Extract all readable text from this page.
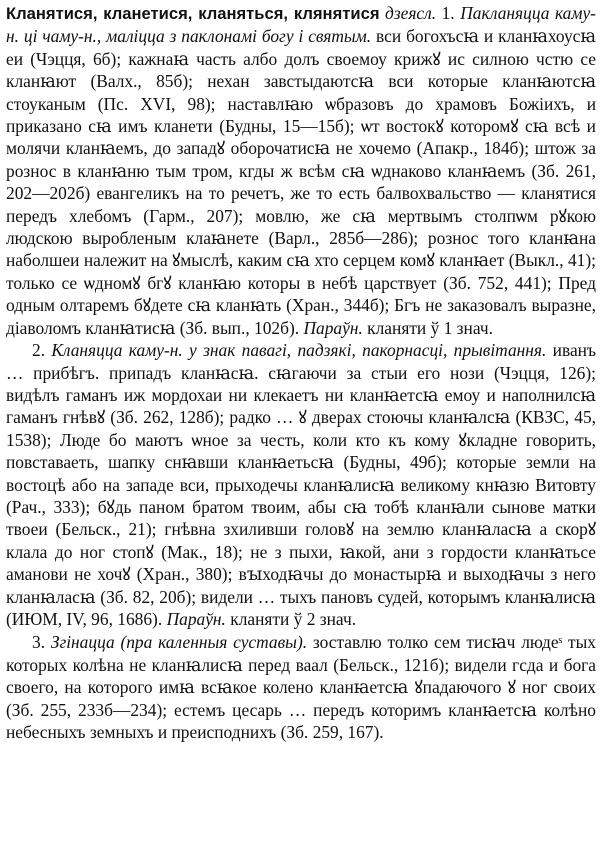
Кланятися, кланетися, кланяться, клянятися дзеясл. 1. Пакланяцца каму-н. ці чаму-н., маліцца з паклонамі богу і святым. вси богохъсꙗ и кланꙗхоусꙗ еи (Чэцця, 6б); кажнаꙗ часть албо долъ своемоу крижꙋ ис силною чстю се кланꙗют (Валх., 85б); нехан завстыдаютсꙗ вси которые кланꙗютсꙗ стоуканым (Пс. XVI, 98); наставлꙗю ѡбразовъ до храмовъ Божіихъ, и приказано сꙗ имъ кланети (Будны, 15—15б); ѡт востокꙋ которомꙋ сꙗ всѣ и молячи кланꙗемъ, до западꙋ оборочатисꙗ не хочемо (Апакр., 184б); штож за рознос в кланꙗню тым тром, кгды ж всѣм сꙗ ѡднаково кланꙗемъ (Зб. 261, 202—202б) евангеликъ на то речетъ, же то есть балвохвальство — кланятися передъ хлебомъ (Гарм., 207); мовлю, же сꙗ мертвымъ столпѡм рꙋкою людскою выробленым клаꙗнете (Варл., 285б—286); рознос того кланꙗна наболшеи належит на ꙋмыслѣ, каким сꙗ хто серцем комꙋ кланꙗет (Выкл., 41); только се ѡдномꙋ бгꙋ кланꙗю которы в небѣ царствует (Зб. 752, 441); Пред одным олтаремъ бꙋдете сꙗ кланꙗть (Хран., 344б); Бгъ не заказовалъ выразне, діаволомъ кланꙗтисꙗ (Зб. вып., 102б). Параўн. кланяти ў 1 знач.

2. Кланяцца каму-н. у знак павагі, падзякі, пакорнасці, прывітання. иванъ … прибѣгъ. припадъ кланꙗсꙗ. сꙗгаючи за стыи его нози (Чэцця, 126); видѣлъ гаманъ иж мордохаи ни клекаетъ ни кланꙗетсꙗ емоу и наполнилсꙗ гаманъ гнѣвꙋ (Зб. 262, 128б); радко … ꙋ дверах стоючы кланꙗлсꙗ (КВЗС, 45, 1538); Люде бо маютъ ѡное за честь, коли кто къ кому ꙋкладне говорить, повставаеть, шапку снꙗвши кланꙗетьсꙗ (Будны, 49б); которые земли на востоцѣ або на западе вси, прыходечы кланꙗлисꙗ великому кнꙗзю Витовту (Рач., 333); бꙋдь паном братом твоим, абы сꙗ тобѣ кланꙗли сынове матки твоеи (Бельск., 21); гнѣвна зхиливши головꙋ на землю кланꙗласꙗ а скорꙋ клала до ног стопꙋ (Мак., 18); не з пыхи, ꙗкой, ани з гордости кланꙗтьсе аманови не хочꙋ (Хран., 380); вꙑходꙗчы до монастырꙗ и выходꙗчы з него кланꙗласꙗ (Зб. 82, 20б); видели … тыхъ пановъ судей, которымъ кланꙗлисꙗ (ИЮМ, IV, 96, 1686). Параўн. кланяти ў 2 знач.

3. Згінацца (пра каленныя суставы). зоставлю толко сем тисꙗч людеˢ тых которых колѣна не кланꙗлисꙗ перед ваал (Бельск., 121б); видели гсда и бога своего, на которого имꙗ всꙗкое колено кланꙗетсꙗ ꙋпадаючого ꙋ ног своих (Зб. 255, 233б—234); естемъ цесарь … передъ которимъ кланꙗетсꙗ колѣно небесныхъ земныхъ и преисподнихъ (Зб. 259, 167).
